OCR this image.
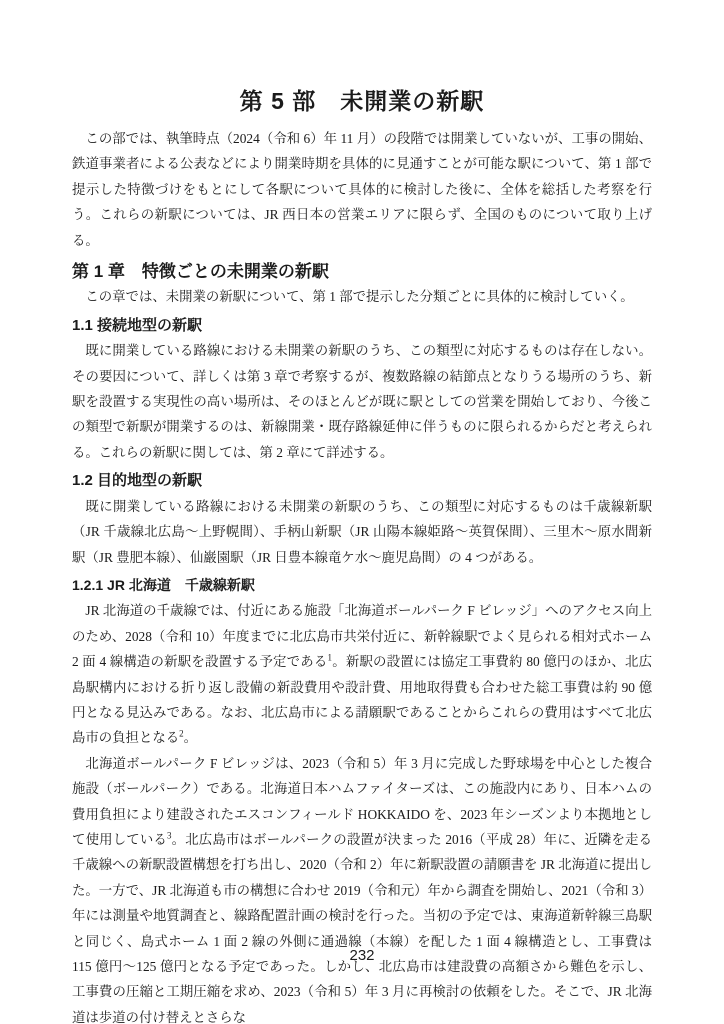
第 5 部　未開業の新駅

この部では、執筆時点（2024（令和 6）年 11 月）の段階では開業していないが、工事の開始、鉄道事業者による公表などにより開業時期を具体的に見通すことが可能な駅について、第 1 部で提示した特徴づけをもとにして各駅について具体的に検討した後に、全体を総括した考察を行う。これらの新駅については、JR 西日本の営業エリアに限らず、全国のものについて取り上げる。

第 1 章　特徴ごとの未開業の新駅

この章では、未開業の新駅について、第 1 部で提示した分類ごとに具体的に検討していく。

1.1 接続地型の新駅

既に開業している路線における未開業の新駅のうち、この類型に対応するものは存在しない。その要因について、詳しくは第 3 章で考察するが、複数路線の結節点となりうる場所のうち、新駅を設置する実現性の高い場所は、そのほとんどが既に駅としての営業を開始しており、今後この類型で新駅が開業するのは、新線開業・既存路線延伸に伴うものに限られるからだと考えられる。これらの新駅に関しては、第 2 章にて詳述する。

1.2 目的地型の新駅

既に開業している路線における未開業の新駅のうち、この類型に対応するものは千歳線新駅（JR 千歳線北広島〜上野幌間）、手柄山新駅（JR 山陽本線姫路〜英賀保間）、三里木〜原水間新駅（JR 豊肥本線）、仙巌園駅（JR 日豊本線竜ケ水〜鹿児島間）の 4 つがある。

1.2.1 JR 北海道　千歳線新駅

JR 北海道の千歳線では、付近にある施設「北海道ボールパーク F ビレッジ」へのアクセス向上のため、2028（令和 10）年度までに北広島市共栄付近に、新幹線駅でよく見られる相対式ホーム 2 面 4 線構造の新駅を設置する予定である$^1$。新駅の設置には協定工事費約 80 億円のほか、北広島駅構内における折り返し設備の新設費用や設計費、用地取得費も合わせた総工事費は約 90 億円となる見込みである。なお、北広島市による請願駅であることからこれらの費用はすべて北広島市の負担となる$^2$。

北海道ボールパーク F ビレッジは、2023（令和 5）年 3 月に完成した野球場を中心とした複合施設（ボールパーク）である。北海道日本ハムファイターズは、この施設内にあり、日本ハムの費用負担により建設されたエスコンフィールド HOKKAIDO を、2023 年シーズンより本拠地として使用している$^3$。北広島市はボールパークの設置が決まった 2016（平成 28）年に、近隣を走る千歳線への新駅設置構想を打ち出し、2020（令和 2）年に新駅設置の請願書を JR 北海道に提出した。一方で、JR 北海道も市の構想に合わせ 2019（令和元）年から調査を開始し、2021（令和 3）年には測量や地質調査と、線路配置計画の検討を行った。当初の予定では、東海道新幹線三島駅と同じく、島式ホーム 1 面 2 線の外側に通過線（本線）を配した 1 面 4 線構造とし、工事費は 115 億円〜125 億円となる予定であった。しかし、北広島市は建設費の高額さから難色を示し、工事費の圧縮と工期圧縮を求め、2023（令和 5）年 3 月に再検討の依頼をした。そこで、JR 北海道は歩道の付け替えとさらな

232
